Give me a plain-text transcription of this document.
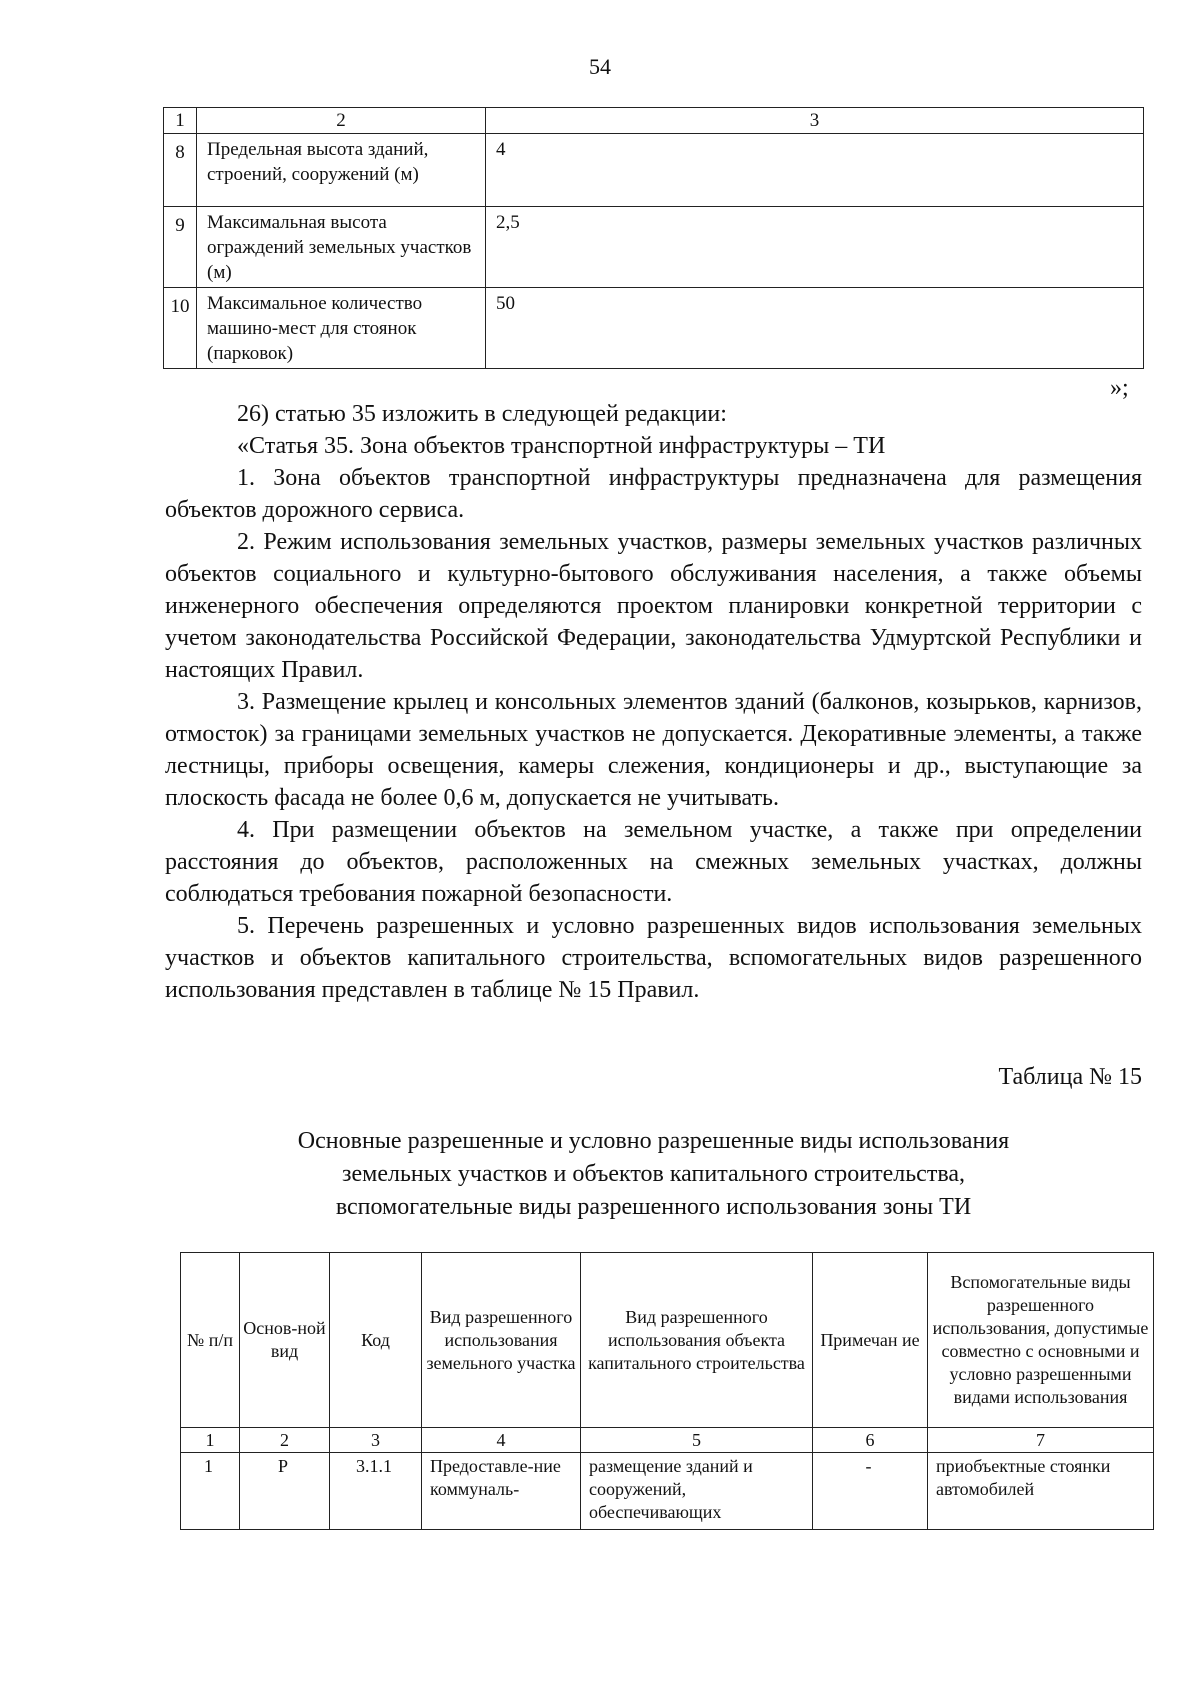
54
1	2	3
8	Предельная высота зданий, строений, сооружений (м)	4
9	Максимальная высота ограждений земельных участков (м)	2,5
10	Максимальное количество машино-мест для стоянок (парковок)	50
»;

26) статью 35 изложить в следующей редакции:

«Статья 35. Зона объектов транспортной инфраструктуры – ТИ

1. Зона объектов транспортной инфраструктуры предназначена для размещения объектов дорожного сервиса.

2. Режим использования земельных участков, размеры земельных участков различных объектов социального и культурно-бытового обслуживания населения, а также объемы инженерного обеспечения определяются проектом планировки конкретной территории с учетом законодательства Российской Федерации, законодательства Удмуртской Республики и настоящих Правил.

3. Размещение крылец и консольных элементов зданий (балконов, козырьков, карнизов, отмосток) за границами земельных участков не допускается. Декоративные элементы, а также лестницы, приборы освещения, камеры слежения, кондиционеры и др., выступающие за плоскость фасада не более 0,6 м, допускается не учитывать.

4. При размещении объектов на земельном участке, а также при определении расстояния до объектов, расположенных на смежных земельных участках, должны соблюдаться требования пожарной безопасности.

5. Перечень разрешенных и условно разрешенных видов использования земельных участков и объектов капитального строительства, вспомогательных видов разрешенного использования представлен в таблице № 15 Правил.

Таблица № 15
Основные разрешенные и условно разрешенные виды использования
земельных участков и объектов капитального строительства,
вспомогательные виды разрешенного использования зоны ТИ
№ п/п	Основ-ной вид	Код	Вид разрешенного использования земельного участка	Вид разрешенного использования объекта капитального строительства	Примечан ие	Вспомогательные виды разрешенного использования, допустимые совместно с основными и условно разрешенными видами использования
1	2	3	4	5	6	7
1	Р	3.1.1	Предоставле-ние коммуналь-	размещение зданий и сооружений, обеспечивающих	-	приобъектные стоянки автомобилей
